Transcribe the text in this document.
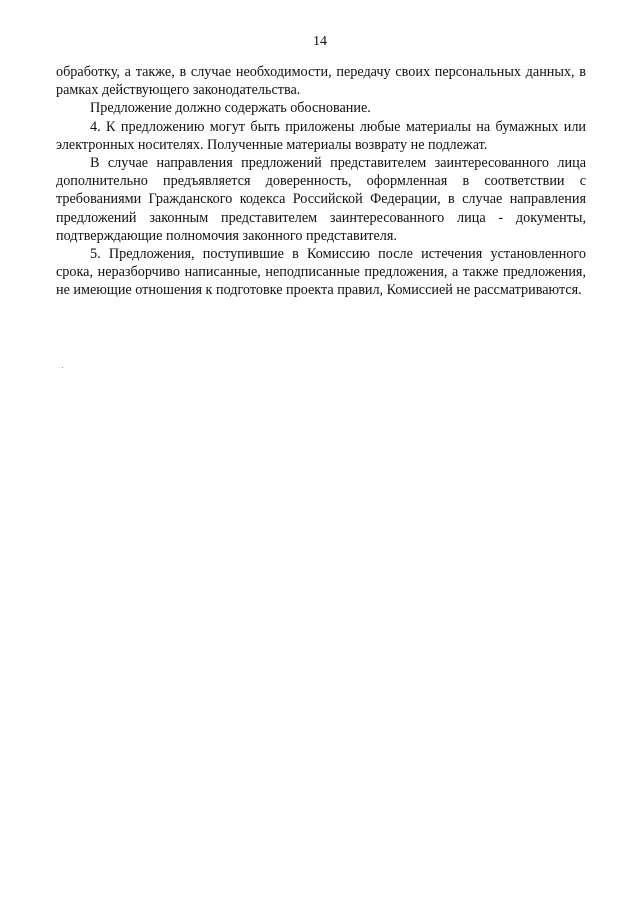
14

обработку, а также, в случае необходимости, передачу своих персональных данных, в рамках действующего законодательства.

Предложение должно содержать обоснование.

4. К предложению могут быть приложены любые материалы на бумажных или электронных носителях. Полученные материалы возврату не подлежат.

В случае направления предложений представителем заинтересованного лица дополнительно предъявляется доверенность, оформленная в соответствии с требованиями Гражданского кодекса Российской Федерации, в случае направления предложений законным представителем заинтересованного лица - документы, подтверждающие полномочия законного представителя.

5. Предложения, поступившие в Комиссию после истечения установленного срока, неразборчиво написанные, неподписанные предложения, а также предложения, не имеющие отношения к подготовке проекта правил, Комиссией не рассматриваются.
